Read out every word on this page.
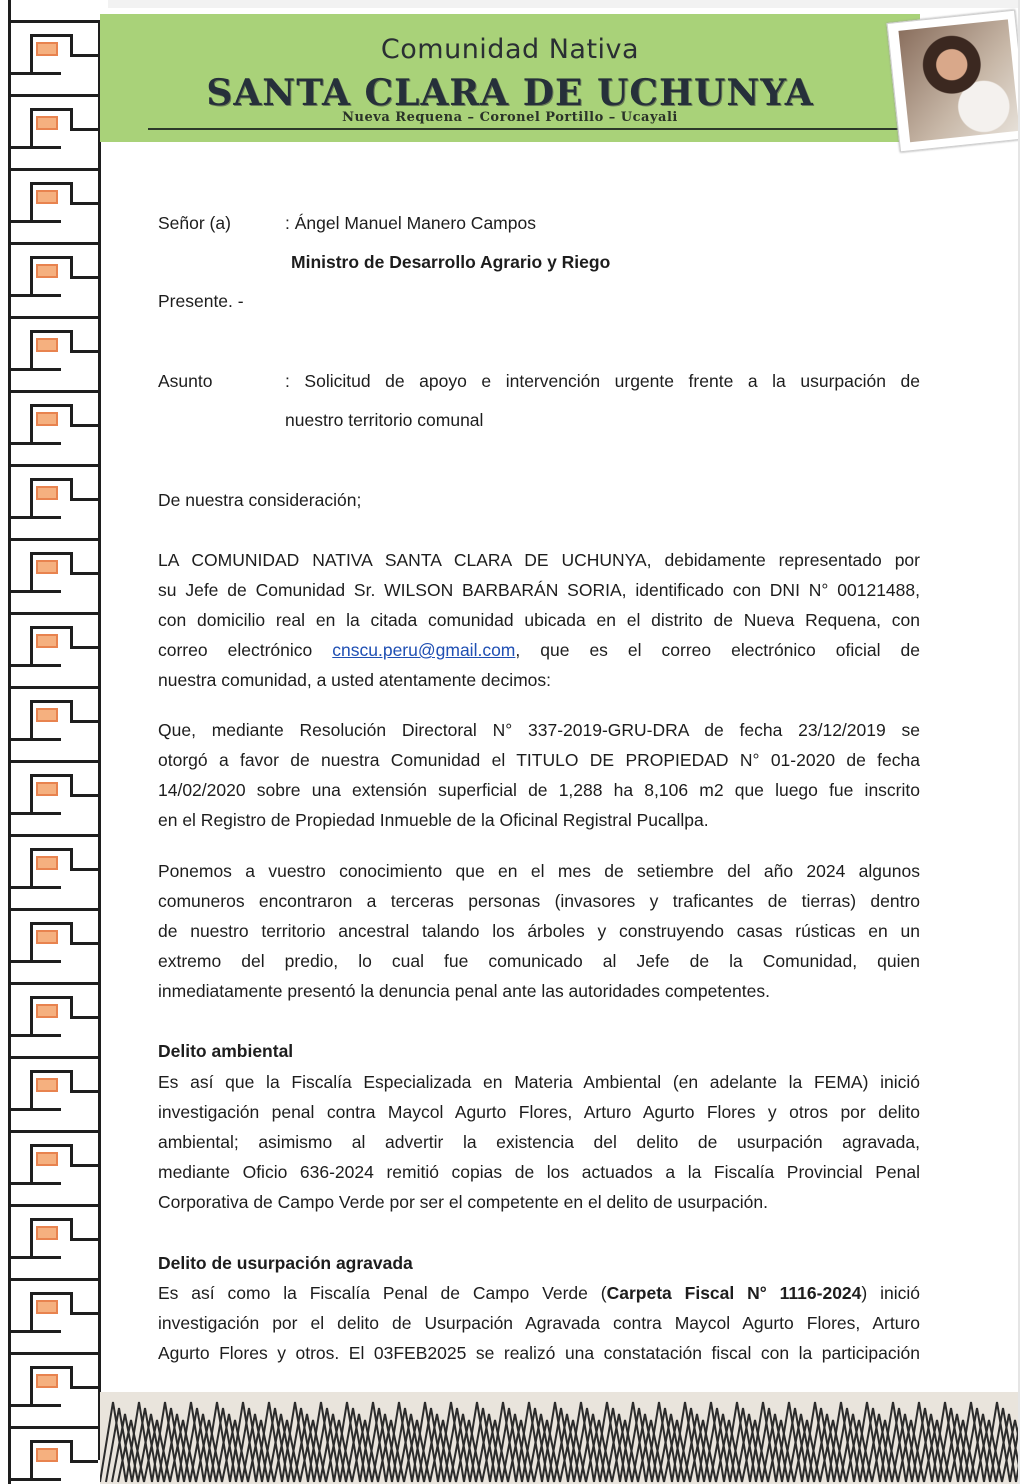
Comunidad Nativa
SANTA CLARA DE UCHUNYA
Nueva Requena – Coronel Portillo – Ucayali
Señor (a)	: Ángel Manuel Manero Campos
Ministro de Desarrollo Agrario y Riego
Presente. -
Asunto	: Solicitud de apoyo e intervención urgente frente a la usurpación de
nuestro territorio comunal
De nuestra consideración;
LA COMUNIDAD NATIVA SANTA CLARA DE UCHUNYA, debidamente representado por
su Jefe de Comunidad Sr. WILSON BARBARÁN SORIA, identificado con DNI N° 00121488,
con domicilio real en la citada comunidad ubicada en el distrito de Nueva Requena, con
correo electrónico cnscu.peru@gmail.com, que es el correo electrónico oficial de
nuestra comunidad, a usted atentamente decimos:
Que, mediante Resolución Directoral N° 337-2019-GRU-DRA de fecha 23/12/2019 se
otorgó a favor de nuestra Comunidad el TITULO DE PROPIEDAD N° 01-2020 de fecha
14/02/2020 sobre una extensión superficial de 1,288 ha 8,106 m2 que luego fue inscrito
en el Registro de Propiedad Inmueble de la Oficinal Registral Pucallpa.
Ponemos a vuestro conocimiento que en el mes de setiembre del año 2024 algunos
comuneros encontraron a terceras personas (invasores y traficantes de tierras) dentro
de nuestro territorio ancestral talando los árboles y construyendo casas rústicas en un
extremo del predio, lo cual fue comunicado al Jefe de la Comunidad, quien
inmediatamente presentó la denuncia penal ante las autoridades competentes.
Delito ambiental
Es así que la Fiscalía Especializada en Materia Ambiental (en adelante la FEMA) inició
investigación penal contra Maycol Agurto Flores, Arturo Agurto Flores y otros por delito
ambiental; asimismo al advertir la existencia del delito de usurpación agravada,
mediante Oficio 636-2024 remitió copias de los actuados a la Fiscalía Provincial Penal
Corporativa de Campo Verde por ser el competente en el delito de usurpación.
Delito de usurpación agravada
Es así como la Fiscalía Penal de Campo Verde (Carpeta Fiscal N° 1116-2024) inició
investigación por el delito de Usurpación Agravada contra Maycol Agurto Flores, Arturo
Agurto Flores y otros. El 03FEB2025 se realizó una constatación fiscal con la participación
